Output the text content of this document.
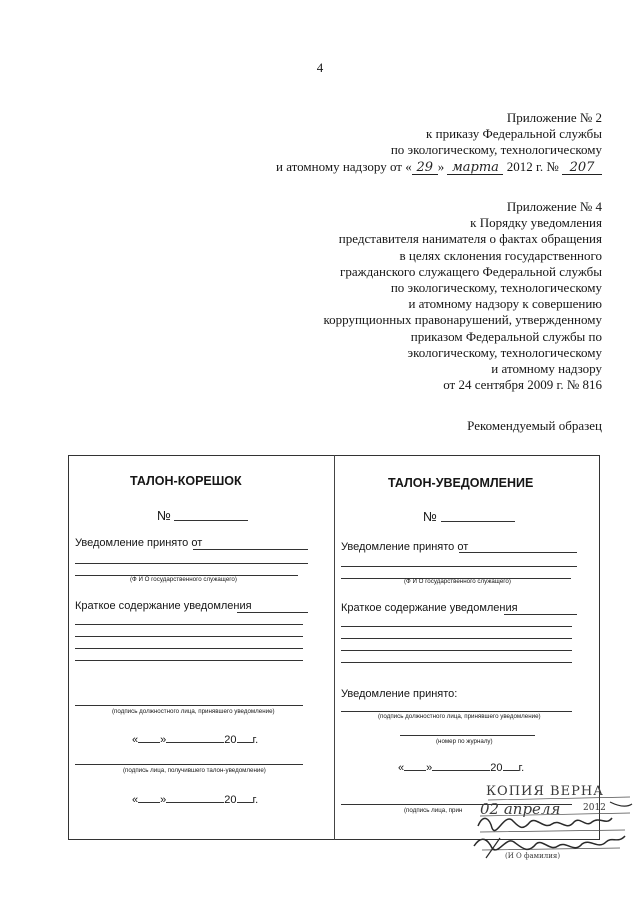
4
Приложение № 2
к приказу Федеральной службы
по экологическому, технологическому
и атомному надзору от « 29 » марта 2012 г. № 207
Приложение № 4
к Порядку уведомления
представителя нанимателя о фактах обращения
в целях склонения государственного
гражданского служащего Федеральной службы
по экологическому, технологическому
и атомному надзору к совершению
коррупционных правонарушений, утвержденному
приказом Федеральной службы по
экологическому, технологическому
и атомному надзору
от 24 сентября 2009 г. № 816
Рекомендуемый образец
ТАЛОН-КОРЕШОК
№
Уведомление принято от
(Ф И О государственного служащего)
Краткое содержание уведомления
(подпись должностного лица, принявшего уведомление)
« »	20 г.
(подпись лица, получившего талон-уведомление)
« »	20 г.
ТАЛОН-УВЕДОМЛЕНИЕ
№
Уведомление принято от
(Ф И О государственного служащего)
Краткое содержание уведомления
Уведомление принято:
(подпись должностного лица, принявшего уведомление)
(номер по журналу)
« »	20 г.
(подпись лица, прин
КОПИЯ ВЕРНА
02 апреля	2012
(И О фамилия)
